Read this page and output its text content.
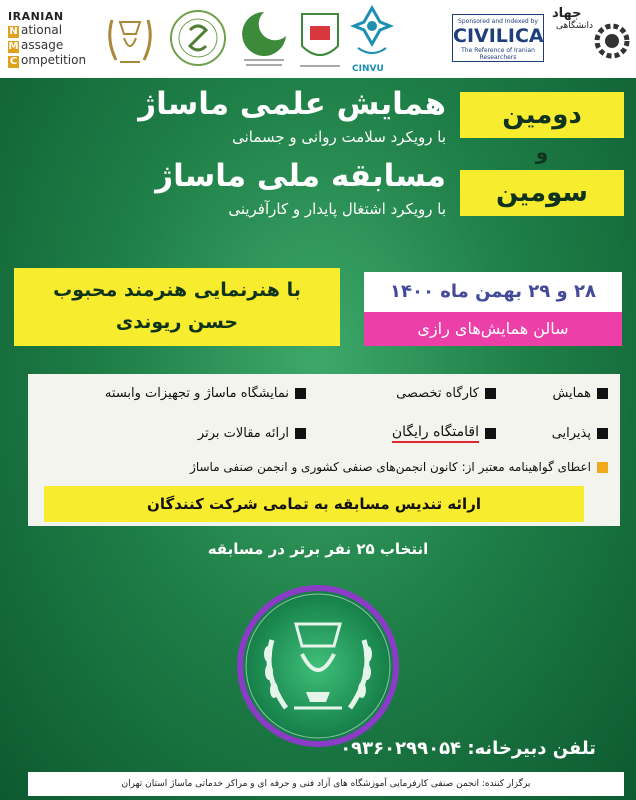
IRANIAN
N ational
M assage
C ompetition
CINVU
Sponsored and Indexed by
CIVILICA
The Reference of Iranian Researchers
جهاد
دانشگاهی
همایش علمی ماساژ
با رویکرد سلامت روانی و جسمانی
مسابقه ملی ماساژ
با رویکرد اشتغال پایدار و کارآفرینی
دومین
و
سومین
با هنرنمایی هنرمند محبوب
حسن ریوندی
۲۸ و ۲۹ بهمن ماه ۱۴۰۰
سالن همایش‌های رازی
همایش
کارگاه تخصصی
نمایشگاه ماساژ و تجهیزات وابسته
پذیرایی
اقامتگاه رایگان
ارائه مقالات برتر
اعطای گواهینامه معتبر از: کانون انجمن‌های صنفی کشوری و انجمن صنفی ماساژ
ارائه تندیس مسابقه به تمامی شرکت کنندگان
انتخاب ۲۵ نفر برتر در مسابقه
تلفن دبیرخانه: ۰۹۳۶۰۲۹۹۰۵۴
برگزار کننده: انجمن صنفی کارفرمایی آموزشگاه های آزاد فنی و حرفه ای و مراکز خدماتی ماساژ استان تهران
